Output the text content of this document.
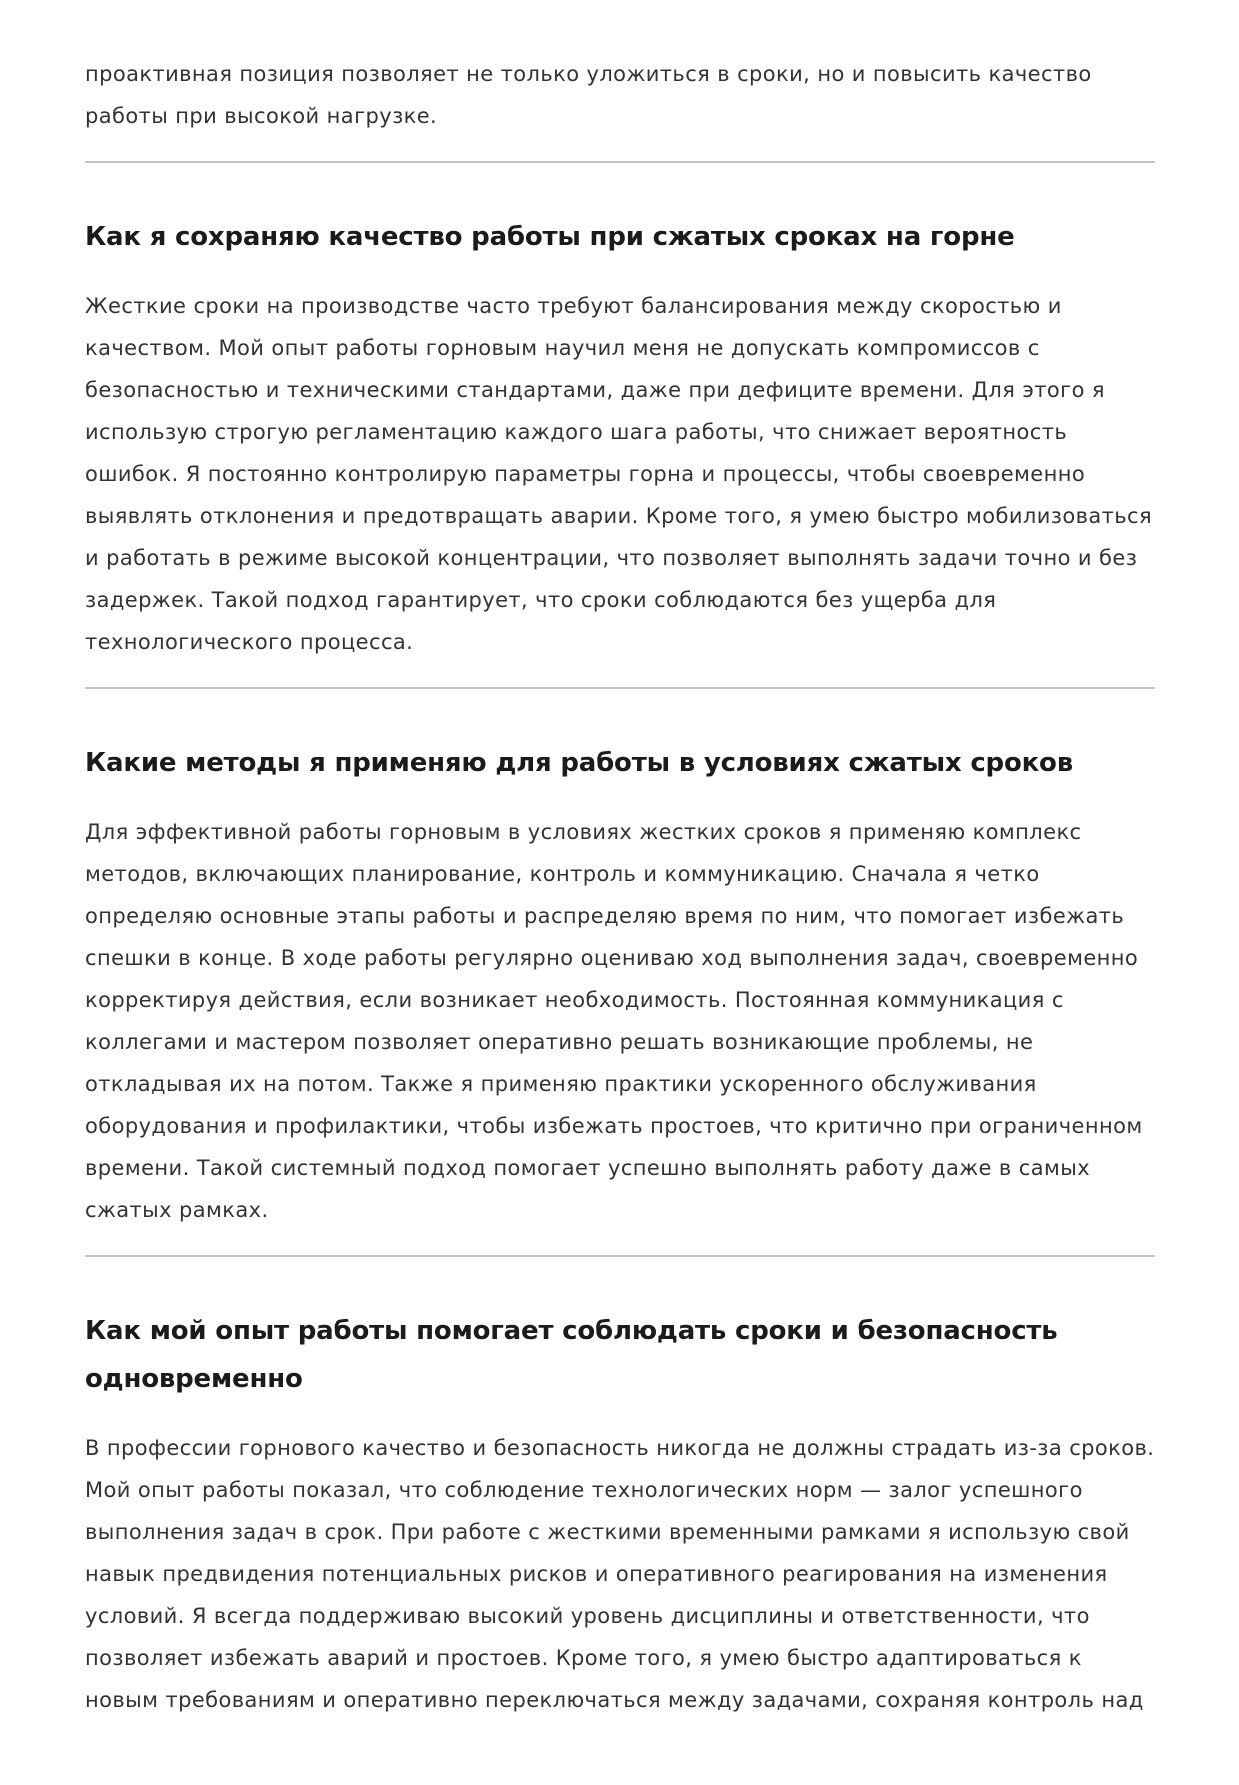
проактивная позиция позволяет не только уложиться в сроки, но и повысить качество работы при высокой нагрузке.

Как я сохраняю качество работы при сжатых сроках на горне

Жесткие сроки на производстве часто требуют балансирования между скоростью и качеством. Мой опыт работы горновым научил меня не допускать компромиссов с безопасностью и техническими стандартами, даже при дефиците времени. Для этого я использую строгую регламентацию каждого шага работы, что снижает вероятность ошибок. Я постоянно контролирую параметры горна и процессы, чтобы своевременно выявлять отклонения и предотвращать аварии. Кроме того, я умею быстро мобилизоваться и работать в режиме высокой концентрации, что позволяет выполнять задачи точно и без задержек. Такой подход гарантирует, что сроки соблюдаются без ущерба для технологического процесса.

Какие методы я применяю для работы в условиях сжатых сроков

Для эффективной работы горновым в условиях жестких сроков я применяю комплекс методов, включающих планирование, контроль и коммуникацию. Сначала я четко определяю основные этапы работы и распределяю время по ним, что помогает избежать спешки в конце. В ходе работы регулярно оцениваю ход выполнения задач, своевременно корректируя действия, если возникает необходимость. Постоянная коммуникация с коллегами и мастером позволяет оперативно решать возникающие проблемы, не откладывая их на потом. Также я применяю практики ускоренного обслуживания оборудования и профилактики, чтобы избежать простоев, что критично при ограниченном времени. Такой системный подход помогает успешно выполнять работу даже в самых сжатых рамках.

Как мой опыт работы помогает соблюдать сроки и безопасность одновременно

В профессии горнового качество и безопасность никогда не должны страдать из-за сроков. Мой опыт работы показал, что соблюдение технологических норм — залог успешного выполнения задач в срок. При работе с жесткими временными рамками я использую свой навык предвидения потенциальных рисков и оперативного реагирования на изменения условий. Я всегда поддерживаю высокий уровень дисциплины и ответственности, что позволяет избежать аварий и простоев. Кроме того, я умею быстро адаптироваться к новым требованиям и оперативно переключаться между задачами, сохраняя контроль над
